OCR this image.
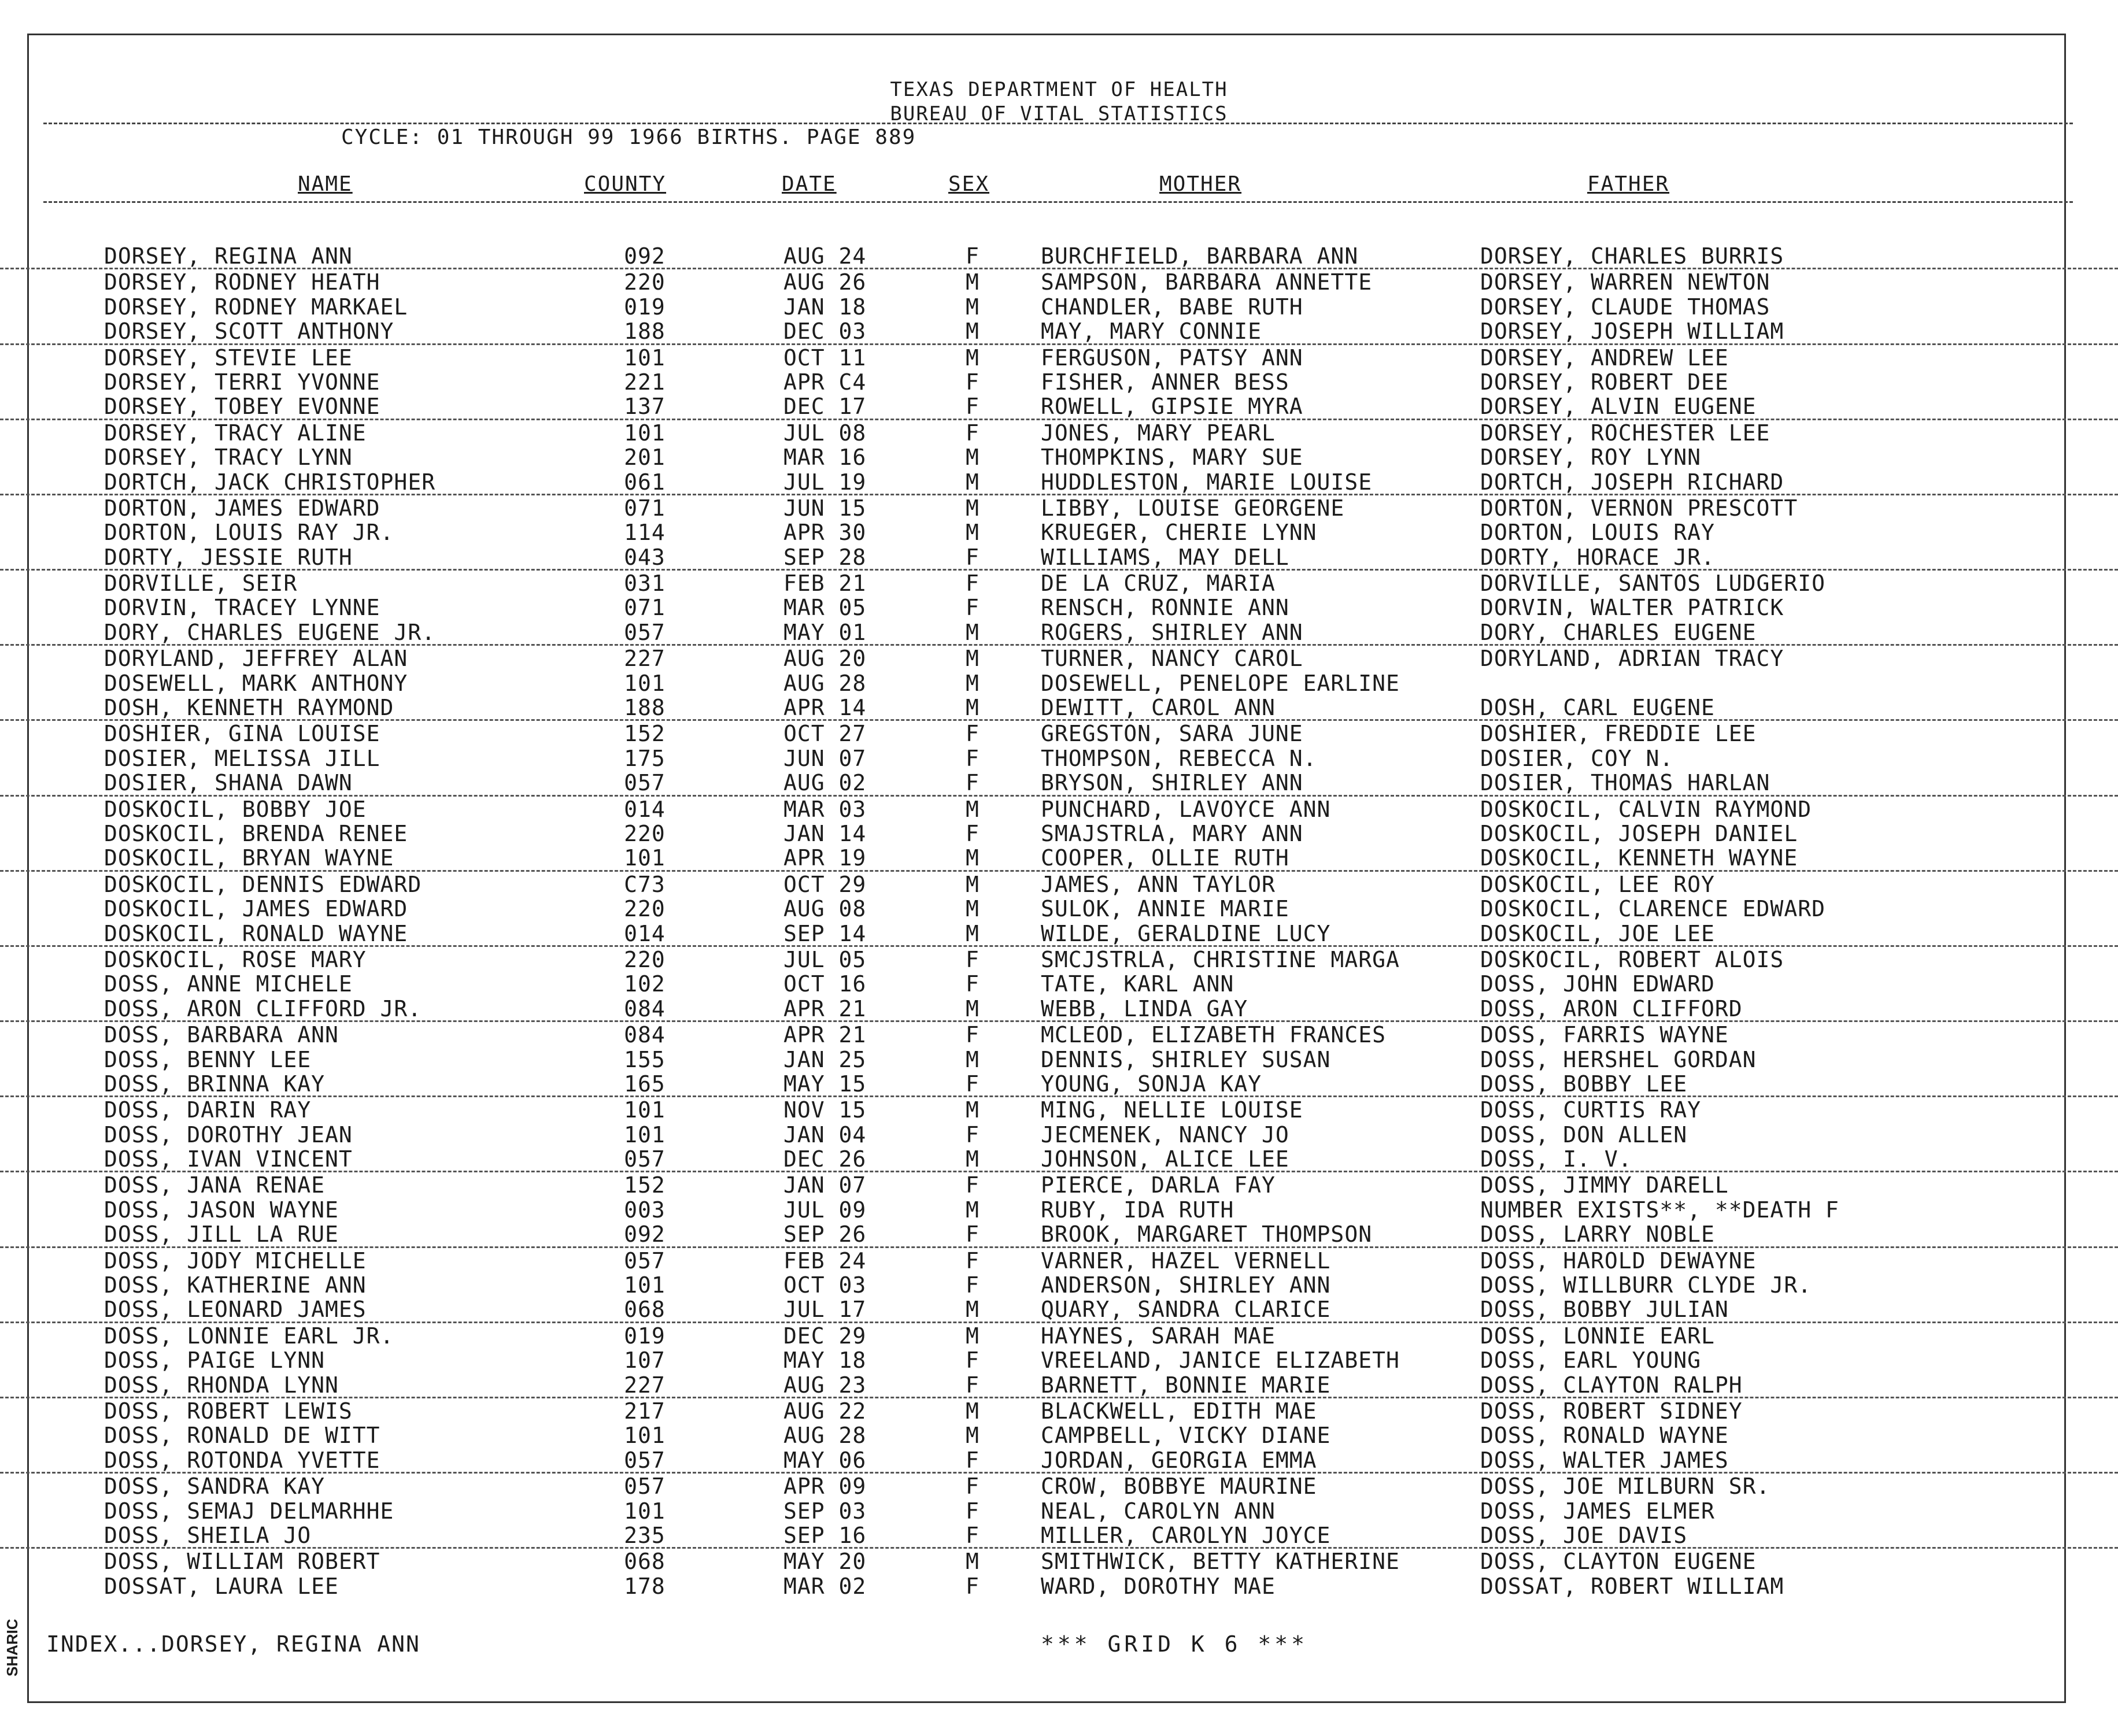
TEXAS DEPARTMENT OF HEALTH
BUREAU OF VITAL STATISTICS
CYCLE: 01 THROUGH 99 1966 BIRTHS. PAGE 889
NAME	COUNTY	DATE	SEX	MOTHER	FATHER
DORSEY, REGINA ANN	092	AUG 24	F	BURCHFIELD, BARBARA ANN	DORSEY, CHARLES BURRIS
DORSEY, RODNEY HEATH	220	AUG 26	M	SAMPSON, BARBARA ANNETTE	DORSEY, WARREN NEWTON
DORSEY, RODNEY MARKAEL	019	JAN 18	M	CHANDLER, BABE RUTH	DORSEY, CLAUDE THOMAS
DORSEY, SCOTT ANTHONY	188	DEC 03	M	MAY, MARY CONNIE	DORSEY, JOSEPH WILLIAM
DORSEY, STEVIE LEE	101	OCT 11	M	FERGUSON, PATSY ANN	DORSEY, ANDREW LEE
DORSEY, TERRI YVONNE	221	APR C4	F	FISHER, ANNER BESS	DORSEY, ROBERT DEE
DORSEY, TOBEY EVONNE	137	DEC 17	F	ROWELL, GIPSIE MYRA	DORSEY, ALVIN EUGENE
DORSEY, TRACY ALINE	101	JUL 08	F	JONES, MARY PEARL	DORSEY, ROCHESTER LEE
DORSEY, TRACY LYNN	201	MAR 16	M	THOMPKINS, MARY SUE	DORSEY, ROY LYNN
DORTCH, JACK CHRISTOPHER	061	JUL 19	M	HUDDLESTON, MARIE LOUISE	DORTCH, JOSEPH RICHARD
DORTON, JAMES EDWARD	071	JUN 15	M	LIBBY, LOUISE GEORGENE	DORTON, VERNON PRESCOTT
DORTON, LOUIS RAY JR.	114	APR 30	M	KRUEGER, CHERIE LYNN	DORTON, LOUIS RAY
DORTY, JESSIE RUTH	043	SEP 28	F	WILLIAMS, MAY DELL	DORTY, HORACE JR.
DORVILLE, SEIR	031	FEB 21	F	DE LA CRUZ, MARIA	DORVILLE, SANTOS LUDGERIO
DORVIN, TRACEY LYNNE	071	MAR 05	F	RENSCH, RONNIE ANN	DORVIN, WALTER PATRICK
DORY, CHARLES EUGENE JR.	057	MAY 01	M	ROGERS, SHIRLEY ANN	DORY, CHARLES EUGENE
DORYLAND, JEFFREY ALAN	227	AUG 20	M	TURNER, NANCY CAROL	DORYLAND, ADRIAN TRACY
DOSEWELL, MARK ANTHONY	101	AUG 28	M	DOSEWELL, PENELOPE EARLINE
DOSH, KENNETH RAYMOND	188	APR 14	M	DEWITT, CAROL ANN	DOSH, CARL EUGENE
DOSHIER, GINA LOUISE	152	OCT 27	F	GREGSTON, SARA JUNE	DOSHIER, FREDDIE LEE
DOSIER, MELISSA JILL	175	JUN 07	F	THOMPSON, REBECCA N.	DOSIER, COY N.
DOSIER, SHANA DAWN	057	AUG 02	F	BRYSON, SHIRLEY ANN	DOSIER, THOMAS HARLAN
DOSKOCIL, BOBBY JOE	014	MAR 03	M	PUNCHARD, LAVOYCE ANN	DOSKOCIL, CALVIN RAYMOND
DOSKOCIL, BRENDA RENEE	220	JAN 14	F	SMAJSTRLA, MARY ANN	DOSKOCIL, JOSEPH DANIEL
DOSKOCIL, BRYAN WAYNE	101	APR 19	M	COOPER, OLLIE RUTH	DOSKOCIL, KENNETH WAYNE
DOSKOCIL, DENNIS EDWARD	C73	OCT 29	M	JAMES, ANN TAYLOR	DOSKOCIL, LEE ROY
DOSKOCIL, JAMES EDWARD	220	AUG 08	M	SULOK, ANNIE MARIE	DOSKOCIL, CLARENCE EDWARD
DOSKOCIL, RONALD WAYNE	014	SEP 14	M	WILDE, GERALDINE LUCY	DOSKOCIL, JOE LEE
DOSKOCIL, ROSE MARY	220	JUL 05	F	SMCJSTRLA, CHRISTINE MARGA	DOSKOCIL, ROBERT ALOIS
DOSS, ANNE MICHELE	102	OCT 16	F	TATE, KARL ANN	DOSS, JOHN EDWARD
DOSS, ARON CLIFFORD JR.	084	APR 21	M	WEBB, LINDA GAY	DOSS, ARON CLIFFORD
DOSS, BARBARA ANN	084	APR 21	F	MCLEOD, ELIZABETH FRANCES	DOSS, FARRIS WAYNE
DOSS, BENNY LEE	155	JAN 25	M	DENNIS, SHIRLEY SUSAN	DOSS, HERSHEL GORDAN
DOSS, BRINNA KAY	165	MAY 15	F	YOUNG, SONJA KAY	DOSS, BOBBY LEE
DOSS, DARIN RAY	101	NOV 15	M	MING, NELLIE LOUISE	DOSS, CURTIS RAY
DOSS, DOROTHY JEAN	101	JAN 04	F	JECMENEK, NANCY JO	DOSS, DON ALLEN
DOSS, IVAN VINCENT	057	DEC 26	M	JOHNSON, ALICE LEE	DOSS, I. V.
DOSS, JANA RENAE	152	JAN 07	F	PIERCE, DARLA FAY	DOSS, JIMMY DARELL
DOSS, JASON WAYNE	003	JUL 09	M	RUBY, IDA RUTH	NUMBER EXISTS**, **DEATH F
DOSS, JILL LA RUE	092	SEP 26	F	BROOK, MARGARET THOMPSON	DOSS, LARRY NOBLE
DOSS, JODY MICHELLE	057	FEB 24	F	VARNER, HAZEL VERNELL	DOSS, HAROLD DEWAYNE
DOSS, KATHERINE ANN	101	OCT 03	F	ANDERSON, SHIRLEY ANN	DOSS, WILLBURR CLYDE JR.
DOSS, LEONARD JAMES	068	JUL 17	M	QUARY, SANDRA CLARICE	DOSS, BOBBY JULIAN
DOSS, LONNIE EARL JR.	019	DEC 29	M	HAYNES, SARAH MAE	DOSS, LONNIE EARL
DOSS, PAIGE LYNN	107	MAY 18	F	VREELAND, JANICE ELIZABETH	DOSS, EARL YOUNG
DOSS, RHONDA LYNN	227	AUG 23	F	BARNETT, BONNIE MARIE	DOSS, CLAYTON RALPH
DOSS, ROBERT LEWIS	217	AUG 22	M	BLACKWELL, EDITH MAE	DOSS, ROBERT SIDNEY
DOSS, RONALD DE WITT	101	AUG 28	M	CAMPBELL, VICKY DIANE	DOSS, RONALD WAYNE
DOSS, ROTONDA YVETTE	057	MAY 06	F	JORDAN, GEORGIA EMMA	DOSS, WALTER JAMES
DOSS, SANDRA KAY	057	APR 09	F	CROW, BOBBYE MAURINE	DOSS, JOE MILBURN SR.
DOSS, SEMAJ DELMARHHE	101	SEP 03	F	NEAL, CAROLYN ANN	DOSS, JAMES ELMER
DOSS, SHEILA JO	235	SEP 16	F	MILLER, CAROLYN JOYCE	DOSS, JOE DAVIS
DOSS, WILLIAM ROBERT	068	MAY 20	M	SMITHWICK, BETTY KATHERINE	DOSS, CLAYTON EUGENE
DOSSAT, LAURA LEE	178	MAR 02	F	WARD, DOROTHY MAE	DOSSAT, ROBERT WILLIAM
INDEX...DORSEY, REGINA ANN	*** GRID K 6 ***
SHARIC
